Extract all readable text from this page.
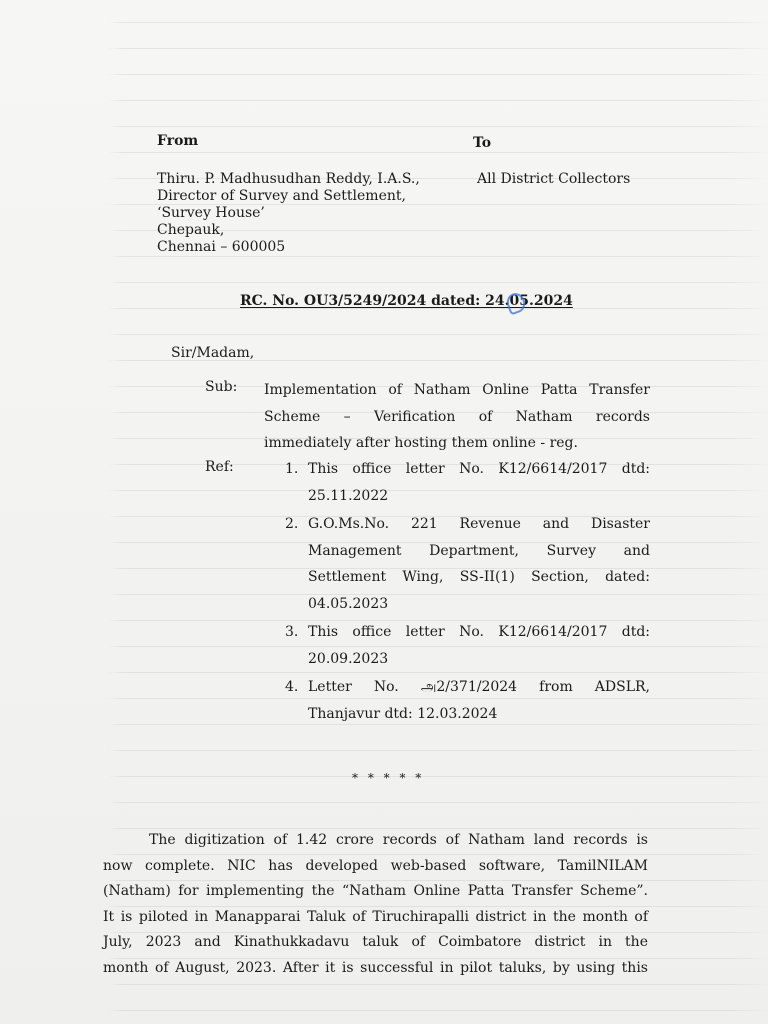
From	To
Thiru. P. Madhusudhan Reddy, I.A.S.,
Director of Survey and Settlement,
‘Survey House’
Chepauk,
Chennai – 600005
All District Collectors
RC. No. OU3/5249/2024 dated: 24.05.2024
Sir/Madam,
Sub: Implementation of Natham Online Patta Transfer
Scheme – Verification of Natham records
immediately after hosting them online - reg.
Ref:	1. This office letter No. K12/6614/2017 dtd:
25.11.2022
2. G.O.Ms.No. 221 Revenue and Disaster
Management Department, Survey and
Settlement Wing, SS-II(1) Section, dated:
04.05.2023
3. This office letter No. K12/6614/2017 dtd:
20.09.2023
4. Letter No. அ2/371/2024 from ADSLR,
Thanjavur dtd: 12.03.2024
* * * * *
The digitization of 1.42 crore records of Natham land records is
now complete. NIC has developed web-based software, TamilNILAM
(Natham) for implementing the “Natham Online Patta Transfer Scheme”.
It is piloted in Manapparai Taluk of Tiruchirapalli district in the month of
July, 2023 and Kinathukkadavu taluk of Coimbatore district in the
month of August, 2023. After it is successful in pilot taluks, by using this
